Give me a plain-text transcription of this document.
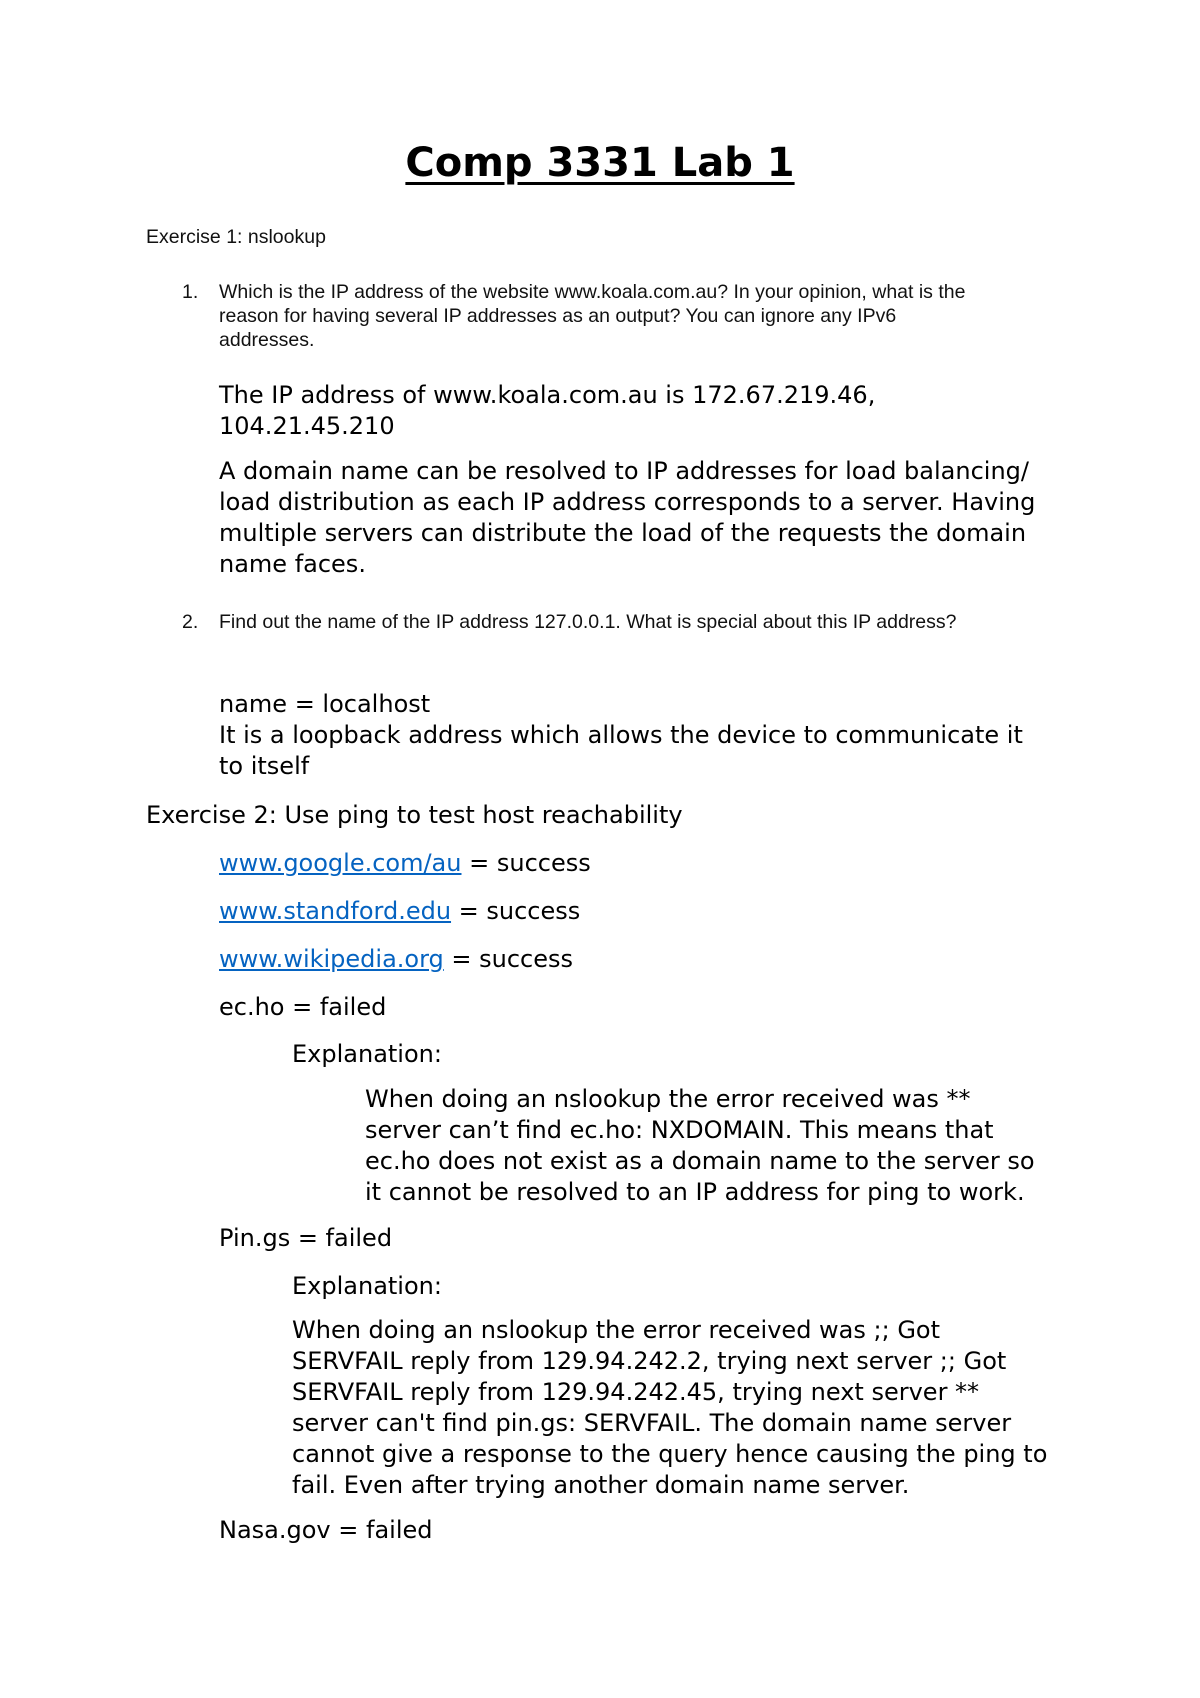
Comp 3331 Lab 1

Exercise 1: nslookup

1. Which is the IP address of the website www.koala.com.au? In your opinion, what is the
reason for having several IP addresses as an output? You can ignore any IPv6
addresses.
The IP address of www.koala.com.au is 172.67.219.46,
104.21.45.210
A domain name can be resolved to IP addresses for load balancing/
load distribution as each IP address corresponds to a server. Having
multiple servers can distribute the load of the requests the domain
name faces.
2. Find out the name of the IP address 127.0.0.1. What is special about this IP address?

name = localhost
It is a loopback address which allows the device to communicate it
to itself

Exercise 2: Use ping to test host reachability

www.google.com/au = success

www.standford.edu = success

www.wikipedia.org = success

ec.ho = failed

Explanation:

When doing an nslookup the error received was **
server can’t find ec.ho: NXDOMAIN. This means that
ec.ho does not exist as a domain name to the server so
it cannot be resolved to an IP address for ping to work.

Pin.gs = failed

Explanation:

When doing an nslookup the error received was ;; Got
SERVFAIL reply from 129.94.242.2, trying next server ;; Got
SERVFAIL reply from 129.94.242.45, trying next server **
server can't find pin.gs: SERVFAIL. The domain name server
cannot give a response to the query hence causing the ping to
fail. Even after trying another domain name server.

Nasa.gov = failed
